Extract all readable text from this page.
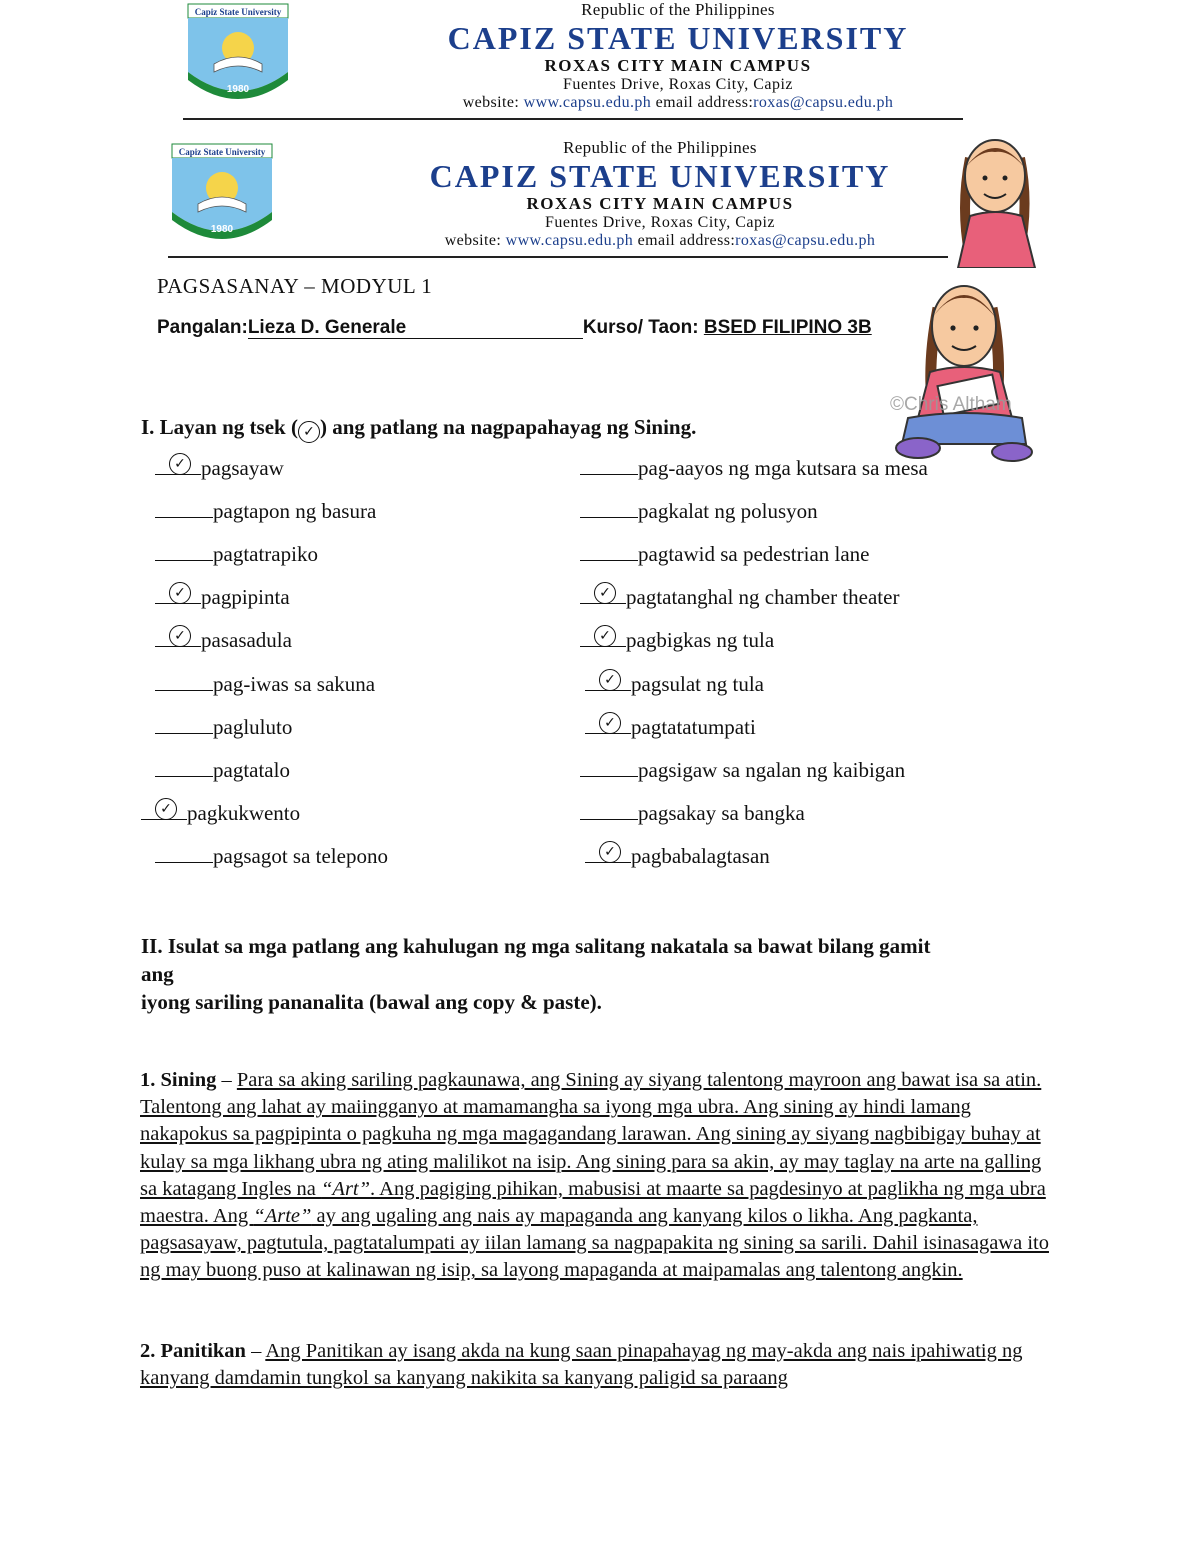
Capiz State University
1980
Republic of the Philippines
CAPIZ STATE UNIVERSITY
ROXAS CITY MAIN CAMPUS
Fuentes Drive, Roxas City, Capiz
website: www.capsu.edu.ph email address:roxas@capsu.edu.ph
Capiz State University
1980
Republic of the Philippines
CAPIZ STATE UNIVERSITY
ROXAS CITY MAIN CAMPUS
Fuentes Drive, Roxas City, Capiz
website: www.capsu.edu.ph email address:roxas@capsu.edu.ph
©Chris Altham
PAGSASANAY – MODYUL 1
Pangalan:Lieza D. Generale	Kurso/ Taon: BSED FILIPINO 3B
I. Layan ng tsek ( ✓ ) ang patlang na nagpapahayag ng Sining.
✓ pagsayaw
pagtapon ng basura
pagtatrapiko
✓ pagpipinta
✓ pasasadula
pag-iwas sa sakuna
pagluluto
pagtatalo
✓ pagkukwento
pagsagot sa telepono
pag-aayos ng mga kutsara sa mesa
pagkalat ng polusyon
pagtawid sa pedestrian lane
✓ pagtatanghal ng chamber theater
✓ pagbigkas ng tula
✓ pagsulat ng tula
✓ pagtatatumpati
pagsigaw sa ngalan ng kaibigan
pagsakay sa bangka
✓ pagbabalagtasan
II. Isulat sa mga patlang ang kahulugan ng mga salitang nakatala sa bawat bilang gamit
ang
iyong sariling pananalita (bawal ang copy & paste).
1. Sining – Para sa aking sariling pagkaunawa, ang Sining ay siyang talentong mayroon ang bawat isa sa atin. Talentong ang lahat ay maiingganyo at mamamangha sa iyong mga ubra. Ang sining ay hindi lamang nakapokus sa pagpipinta o pagkuha ng mga magagandang larawan. Ang sining ay siyang nagbibigay buhay at kulay sa mga likhang ubra ng ating malilikot na isip. Ang sining para sa akin, ay may taglay na arte na galling sa katagang Ingles na “Art”. Ang pagiging pihikan, mabusisi at maarte sa pagdesinyo at paglikha ng mga ubra maestra. Ang “Arte” ay ang ugaling ang nais ay mapaganda ang kanyang kilos o likha. Ang pagkanta, pagsasayaw, pagtutula, pagtatalumpati ay iilan lamang sa nagpapakita ng sining sa sarili. Dahil isinasagawa ito ng may buong puso at kalinawan ng isip, sa layong mapaganda at maipamalas ang talentong angkin.
2. Panitikan – Ang Panitikan ay isang akda na kung saan pinapahayag ng may-akda ang nais ipahiwatig ng kanyang damdamin tungkol sa kanyang nakikita sa kanyang paligid sa paraang
